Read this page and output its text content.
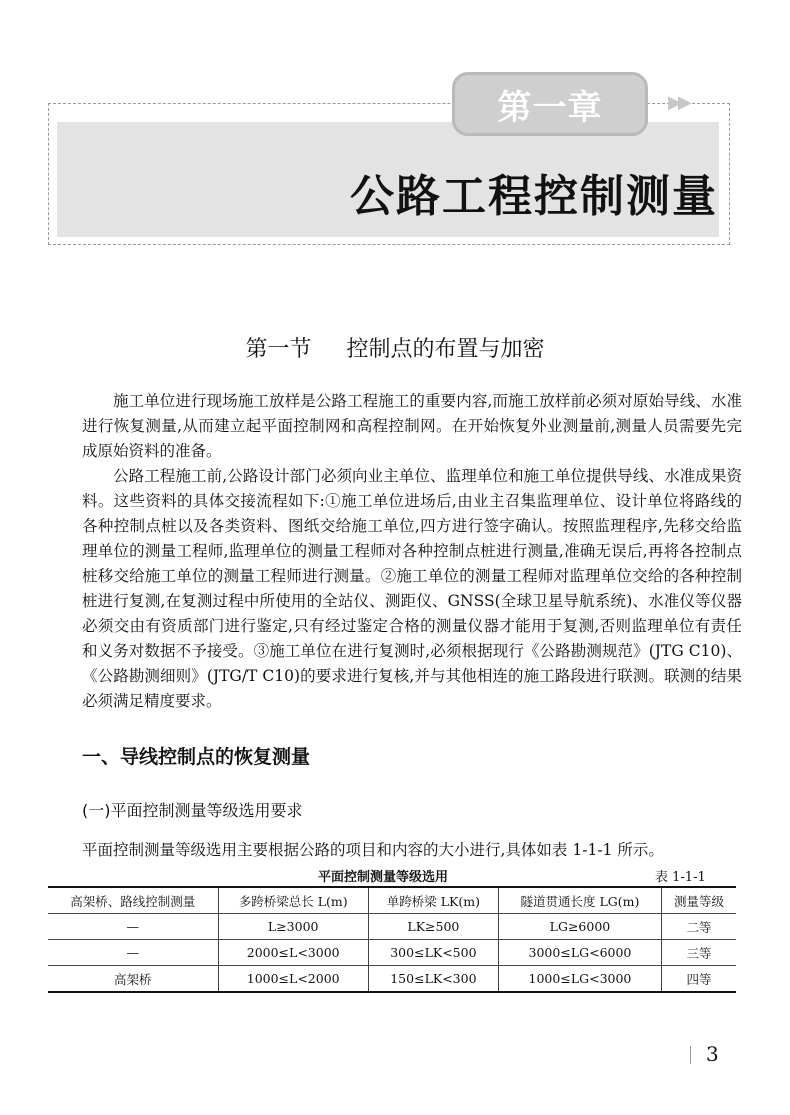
第一章	▶▶
公路工程控制测量
第一节 控制点的布置与加密

施工单位进行现场施工放样是公路工程施工的重要内容,而施工放样前必须对原始导线、水准进行恢复测量,从而建立起平面控制网和高程控制网。在开始恢复外业测量前,测量人员需要先完成原始资料的准备。

公路工程施工前,公路设计部门必须向业主单位、监理单位和施工单位提供导线、水准成果资料。这些资料的具体交接流程如下:①施工单位进场后,由业主召集监理单位、设计单位将路线的各种控制点桩以及各类资料、图纸交给施工单位,四方进行签字确认。按照监理程序,先移交给监理单位的测量工程师,监理单位的测量工程师对各种控制点桩进行测量,准确无误后,再将各控制点桩移交给施工单位的测量工程师进行测量。②施工单位的测量工程师对监理单位交给的各种控制桩进行复测,在复测过程中所使用的全站仪、测距仪、GNSS(全球卫星导航系统)、水准仪等仪器必须交由有资质部门进行鉴定,只有经过鉴定合格的测量仪器才能用于复测,否则监理单位有责任和义务对数据不予接受。③施工单位在进行复测时,必须根据现行《公路勘测规范》(JTG C10)、《公路勘测细则》(JTG/T C10)的要求进行复核,并与其他相连的施工路段进行联测。联测的结果必须满足精度要求。

一、导线控制点的恢复测量
(一)平面控制测量等级选用要求
平面控制测量等级选用主要根据公路的项目和内容的大小进行,具体如表 1-1-1 所示。
平面控制测量等级选用	表 1-1-1
高架桥、路线控制测量	多跨桥梁总长 L(m)	单跨桥梁 LK(m)	隧道贯通长度 LG(m)	测量等级
—	L≥3000	LK≥500	LG≥6000	二等
—	2000≤L<3000	300≤LK<500	3000≤LG<6000	三等
高架桥	1000≤L<2000	150≤LK<300	1000≤LG<3000	四等
3
